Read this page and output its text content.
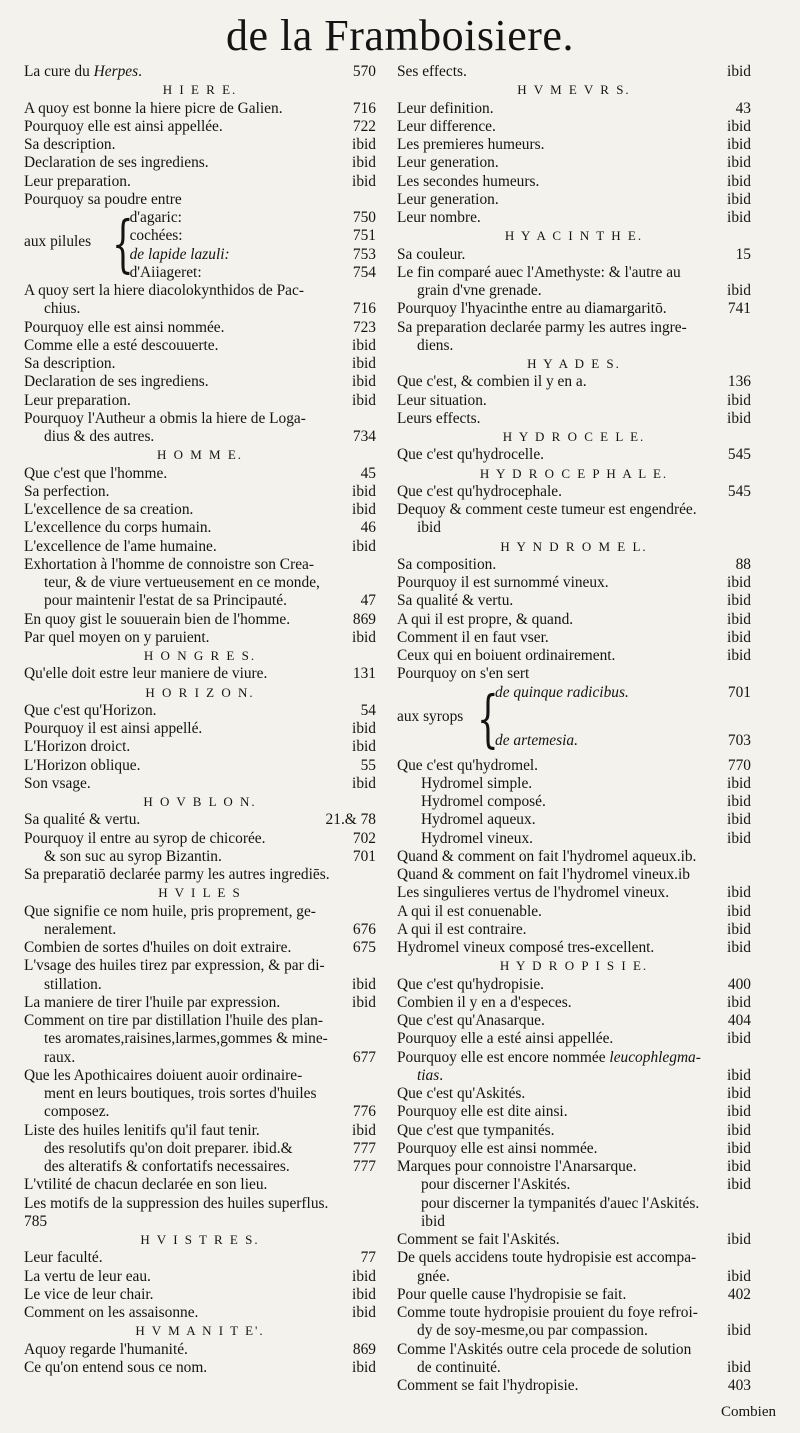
de la Framboisiere.
La cure du Herpes.	570
H I E R E.
A quoy est bonne la hiere picre de Galien.	716
Pourquoy elle est ainsi appellée.	722
Sa description.	ibid
Declaration de ses ingrediens.	ibid
Leur preparation.	ibid
Pourquoy sa poudre entre
aux pilules {
d'agaric:	750
cochées:	751
de lapide lazuli:	753
d'Aiiageret:	754
A quoy sert la hiere diacolokynthidos de Pac-
chius.	716
Pourquoy elle est ainsi nommée.	723
Comme elle a esté descouuerte.	ibid
Sa description.	ibid
Declaration de ses ingrediens.	ibid
Leur preparation.	ibid
Pourquoy l'Autheur a obmis la hiere de Loga-
dius & des autres.	734
H O M M E.
Que c'est que l'homme.	45
Sa perfection.	ibid
L'excellence de sa creation.	ibid
L'excellence du corps humain.	46
L'excellence de l'ame humaine.	ibid
Exhortation à l'homme de connoistre son Crea-
teur, & de viure vertueusement en ce monde,
pour maintenir l'estat de sa Principauté.	47
En quoy gist le souuerain bien de l'homme.	869
Par quel moyen on y paruient.	ibid
H O N G R E S.
Qu'elle doit estre leur maniere de viure.	131
H O R I Z O N.
Que c'est qu'Horizon.	54
Pourquoy il est ainsi appellé.	ibid
L'Horizon droict.	ibid
L'Horizon oblique.	55
Son vsage.	ibid
H O V B L O N.
Sa qualité & vertu.	21.& 78
Pourquoy il entre au syrop de chicorée.	702
& son suc au syrop Bizantin.	701
Sa preparatiō declarée parmy les autres ingrediēs.
H V I L E S
Que signifie ce nom huile, pris proprement, ge-
neralement.	676
Combien de sortes d'huiles on doit extraire.	675
L'vsage des huiles tirez par expression, & par di-
stillation.	ibid
La maniere de tirer l'huile par expression.	ibid
Comment on tire par distillation l'huile des plan-
tes aromates,raisines,larmes,gommes & mine-
raux.	677
Que les Apothicaires doiuent auoir ordinaire-
ment en leurs boutiques, trois sortes d'huiles
composez.	776
Liste des huiles lenitifs qu'il faut tenir.	ibid
des resolutifs qu'on doit preparer. ibid.&	777
des alteratifs & confortatifs necessaires.	777
L'vtilité de chacun declarée en son lieu.
Les motifs de la suppression des huiles superflus.
785
H V I S T R E S.
Leur faculté.	77
La vertu de leur eau.	ibid
Le vice de leur chair.	ibid
Comment on les assaisonne.	ibid
H V M A N I T E'.
Aquoy regarde l'humanité.	869
Ce qu'on entend sous ce nom.	ibid
Ses effects.	ibid
H V M E V R S.
Leur definition.	43
Leur difference.	ibid
Les premieres humeurs.	ibid
Leur generation.	ibid
Les secondes humeurs.	ibid
Leur generation.	ibid
Leur nombre.	ibid
H Y A C I N T H E.
Sa couleur.	15
Le fin comparé auec l'Amethyste: & l'autre au
grain d'vne grenade.	ibid
Pourquoy l'hyacinthe entre au diamargaritō.	741
Sa preparation declarée parmy les autres ingre-
diens.
H Y A D E S.
Que c'est, & combien il y en a.	136
Leur situation.	ibid
Leurs effects.	ibid
H Y D R O C E L E.
Que c'est qu'hydrocelle.	545
H Y D R O C E P H A L E.
Que c'est qu'hydrocephale.	545
Dequoy & comment ceste tumeur est engendrée.
ibid
H Y N D R O M E L.
Sa composition.	88
Pourquoy il est surnommé vineux.	ibid
Sa qualité & vertu.	ibid
A qui il est propre, & quand.	ibid
Comment il en faut vser.	ibid
Ceux qui en boiuent ordinairement.	ibid
Pourquoy on s'en sert
aux syrops {
de quinque radicibus.	701
de artemesia.	703
Que c'est qu'hydromel.	770
Hydromel simple.	ibid
Hydromel composé.	ibid
Hydromel aqueux.	ibid
Hydromel vineux.	ibid
Quand & comment on fait l'hydromel aqueux.ib.
Quand & comment on fait l'hydromel vineux.ib
Les singulieres vertus de l'hydromel vineux.	ibid
A qui il est conuenable.	ibid
A qui il est contraire.	ibid
Hydromel vineux composé tres-excellent.	ibid
H Y D R O P I S I E.
Que c'est qu'hydropisie.	400
Combien il y en a d'especes.	ibid
Que c'est qu'Anasarque.	404
Pourquoy elle a esté ainsi appellée.	ibid
Pourquoy elle est encore nommée leucophlegma-
tias.	ibid
Que c'est qu'Askités.	ibid
Pourquoy elle est dite ainsi.	ibid
Que c'est que tympanités.	ibid
Pourquoy elle est ainsi nommée.	ibid
Marques pour connoistre l'Anarsarque.	ibid
pour discerner l'Askités.	ibid
pour discerner la tympanités d'auec l'Askités.
ibid
Comment se fait l'Askités.	ibid
De quels accidens toute hydropisie est accompa-
gnée.	ibid
Pour quelle cause l'hydropisie se fait.	402
Comme toute hydropisie prouient du foye refroi-
dy de soy-mesme,ou par compassion.	ibid
Comme l'Askités outre cela procede de solution
de continuité.	ibid
Comment se fait l'hydropisie.	403
Combien
